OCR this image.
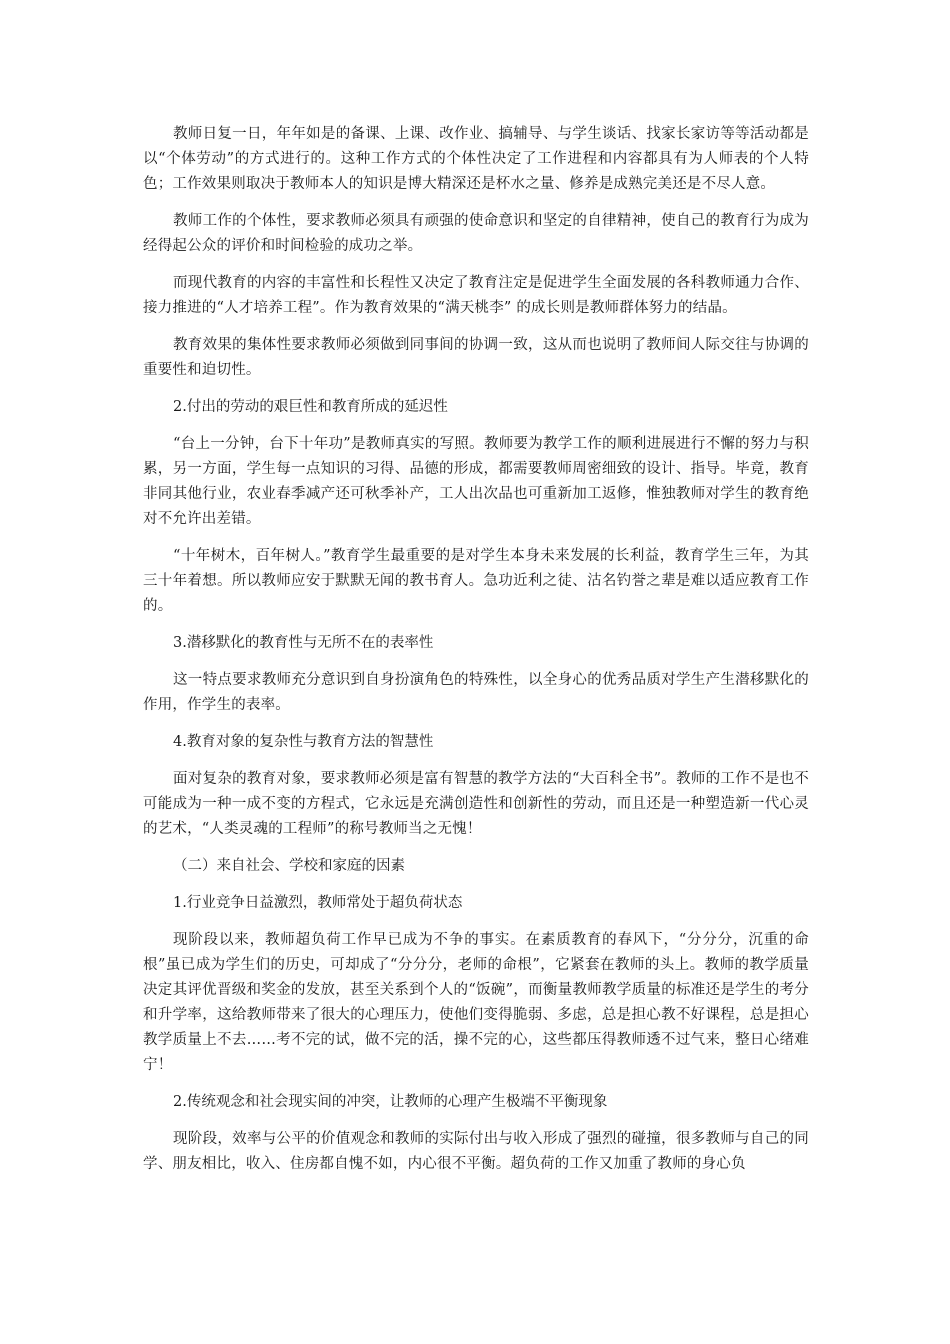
教师日复一日，年年如是的备课、上课、改作业、搞辅导、与学生谈话、找家长家访等等活动都是以“个体劳动”的方式进行的。这种工作方式的个体性决定了工作进程和内容都具有为人师表的个人特色；工作效果则取决于教师本人的知识是博大精深还是杯水之量、修养是成熟完美还是不尽人意。

教师工作的个体性，要求教师必须具有顽强的使命意识和坚定的自律精神，使自己的教育行为成为经得起公众的评价和时间检验的成功之举。

而现代教育的内容的丰富性和长程性又决定了教育注定是促进学生全面发展的各科教师通力合作、接力推进的“人才培养工程”。作为教育效果的“满天桃李” 的成长则是教师群体努力的结晶。

教育效果的集体性要求教师必须做到同事间的协调一致，这从而也说明了教师间人际交往与协调的重要性和迫切性。

2.付出的劳动的艰巨性和教育所成的延迟性

“台上一分钟，台下十年功”是教师真实的写照。教师要为教学工作的顺利进展进行不懈的努力与积累，另一方面，学生每一点知识的习得、品德的形成，都需要教师周密细致的设计、指导。毕竟，教育非同其他行业，农业春季减产还可秋季补产，工人出次品也可重新加工返修，惟独教师对学生的教育绝对不允许出差错。

“十年树木，百年树人。”教育学生最重要的是对学生本身未来发展的长利益，教育学生三年，为其三十年着想。所以教师应安于默默无闻的教书育人。急功近利之徒、沽名钓誉之辈是难以适应教育工作的。

3.潜移默化的教育性与无所不在的表率性

这一特点要求教师充分意识到自身扮演角色的特殊性，以全身心的优秀品质对学生产生潜移默化的作用，作学生的表率。

4.教育对象的复杂性与教育方法的智慧性

面对复杂的教育对象，要求教师必须是富有智慧的教学方法的“大百科全书”。教师的工作不是也不可能成为一种一成不变的方程式，它永远是充满创造性和创新性的劳动，而且还是一种塑造新一代心灵的艺术，“人类灵魂的工程师”的称号教师当之无愧！

（二）来自社会、学校和家庭的因素

1.行业竞争日益激烈，教师常处于超负荷状态

现阶段以来，教师超负荷工作早已成为不争的事实。在素质教育的春风下，“分分分，沉重的命根”虽已成为学生们的历史，可却成了“分分分，老师的命根”，它紧套在教师的头上。教师的教学质量决定其评优晋级和奖金的发放，甚至关系到个人的“饭碗”，而衡量教师教学质量的标准还是学生的考分和升学率，这给教师带来了很大的心理压力，使他们变得脆弱、多虑，总是担心教不好课程，总是担心教学质量上不去……考不完的试，做不完的活，操不完的心，这些都压得教师透不过气来，整日心绪难宁！

2.传统观念和社会现实间的冲突，让教师的心理产生极端不平衡现象

现阶段，效率与公平的价值观念和教师的实际付出与收入形成了强烈的碰撞，很多教师与自己的同学、朋友相比，收入、住房都自愧不如，内心很不平衡。超负荷的工作又加重了教师的身心负
